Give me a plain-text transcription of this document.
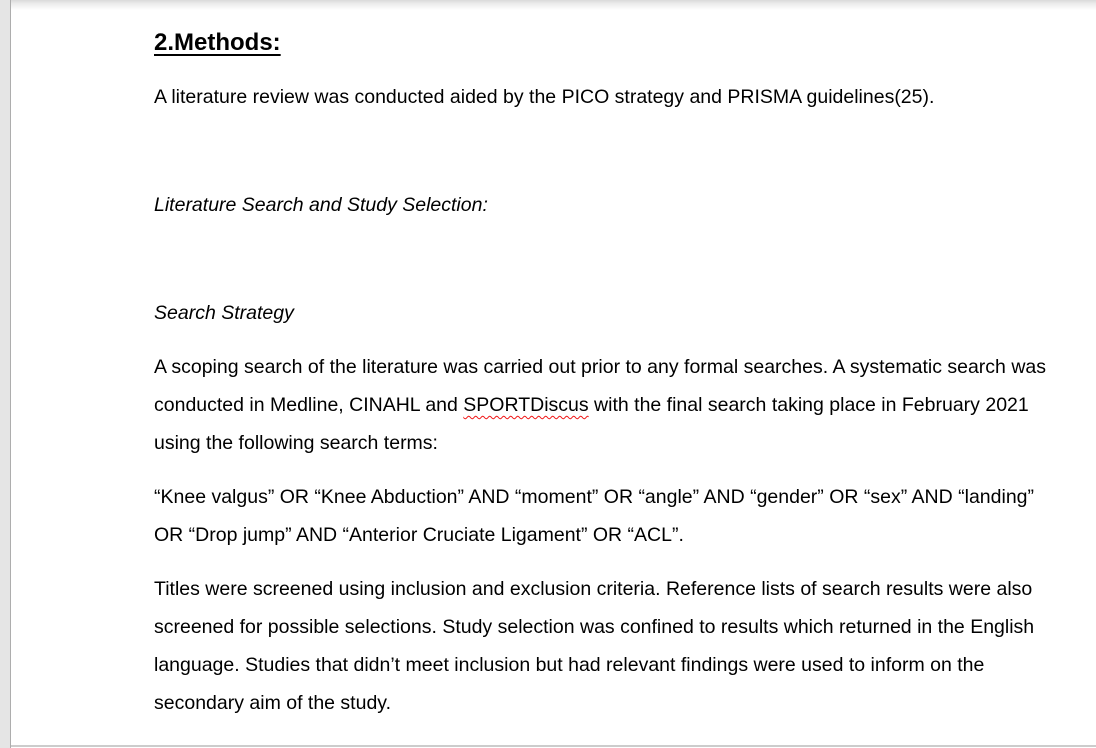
2.Methods:

A literature review was conducted aided by the PICO strategy and PRISMA guidelines(25).

Literature Search and Study Selection:

Search Strategy

A scoping search of the literature was carried out prior to any formal searches. A systematic search was conducted in Medline, CINAHL and SPORTDiscus with the final search taking place in February 2021 using the following search terms:

“Knee valgus” OR “Knee Abduction” AND “moment” OR “angle” AND “gender” OR “sex” AND “landing” OR “Drop jump” AND “Anterior Cruciate Ligament” OR “ACL”.

Titles were screened using inclusion and exclusion criteria. Reference lists of search results were also screened for possible selections. Study selection was confined to results which returned in the English language. Studies that didn’t meet inclusion but had relevant findings were used to inform on the secondary aim of the study.
